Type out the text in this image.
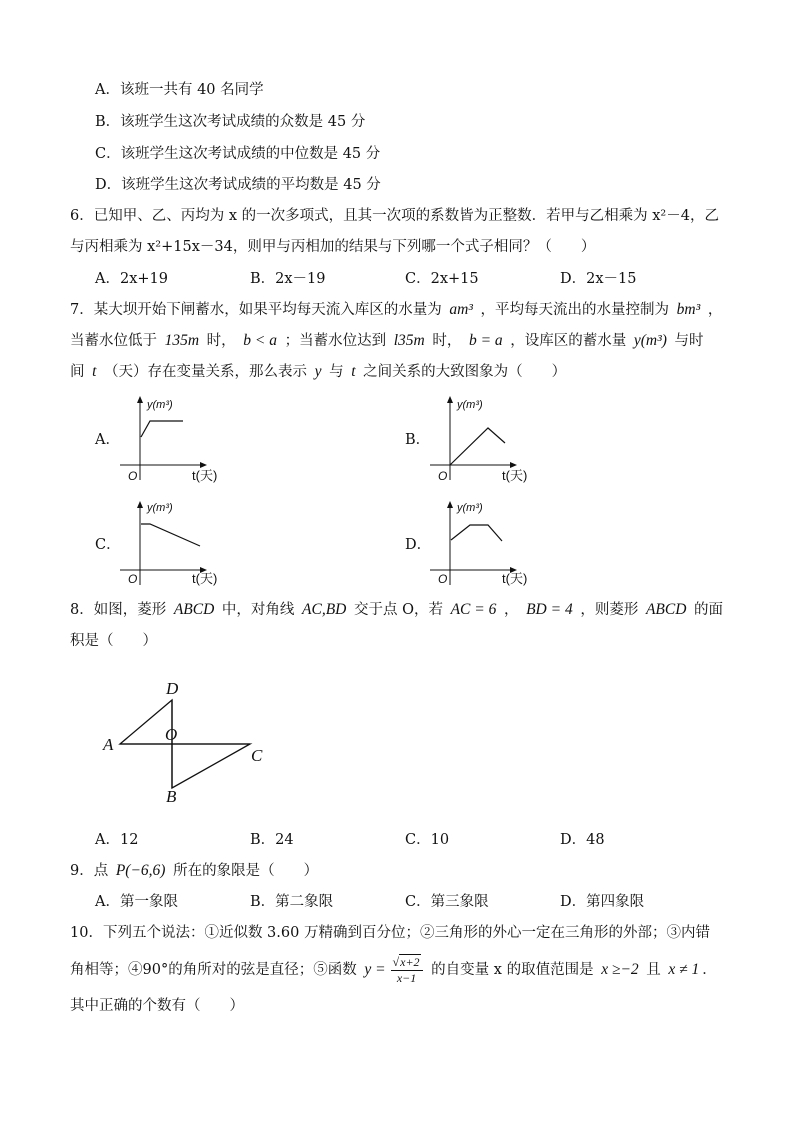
A．该班一共有 40 名同学
B．该班学生这次考试成绩的众数是 45 分
C．该班学生这次考试成绩的中位数是 45 分
D．该班学生这次考试成绩的平均数是 45 分
6．已知甲、乙、丙均为 x 的一次多项式，且其一次项的系数皆为正整数．若甲与乙相乘为 x²－4，乙
与丙相乘为 x²+15x－34，则甲与丙相加的结果与下列哪一个式子相同？（　　）
A．2x+19	B．2x－19	C．2x+15	D．2x－15
7．某大坝开始下闸蓄水，如果平均每天流入库区的水量为 am³ ，平均每天流出的水量控制为 bm³ ，
当蓄水位低于 135m 时， b < a ；当蓄水位达到 l35m 时， b = a ，设库区的蓄水量 y(m³) 与时
间 t （天）存在变量关系，那么表示 y 与 t 之间关系的大致图象为（　　）
A．	B．
C．	D．
y(m³)
O	t(天)
y(m³)
O	t(天)
y(m³)
O	t(天)
y(m³)
O	t(天)
8．如图，菱形 ABCD 中，对角线 AC,BD 交于点 O，若 AC = 6 ， BD = 4 ，则菱形 ABCD 的面
积是（　　）
D
A
O
C
B
A．12	B．24	C．10	D．48
9．点 P(−6,6) 所在的象限是（　　）
A．第一象限	B．第二象限	C．第三象限	D．第四象限
10．下列五个说法：①近似数 3.60 万精确到百分位；②三角形的外心一定在三角形的外部；③内错
角相等；④90°的角所对的弦是直径；⑤函数 $y = \frac{√x+2}{x-1}$ 的自变量 x 的取值范围是 x ≥−2 且 x ≠ 1 ．
其中正确的个数有（　　）
